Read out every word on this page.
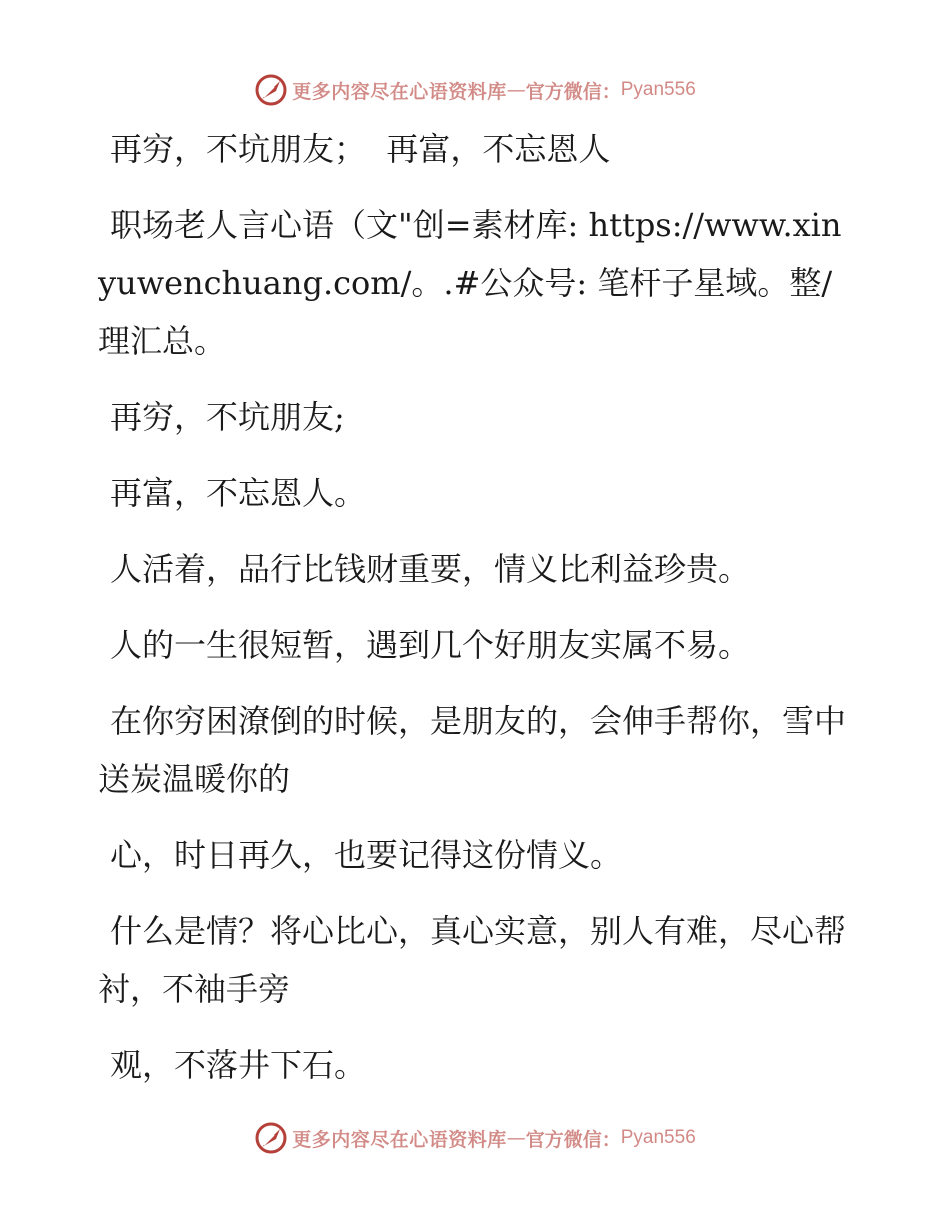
更多内容尽在心语资料库 — 官方微信： Pyan556

再穷，不坑朋友；  再富，不忘恩人

职场老人言心语（文"创=素材库: https://www.xinyuwenchuang.com/。.#公众号: 笔杆子星域。整/理汇总。

再穷，不坑朋友;

再富，不忘恩人。

人活着，品行比钱财重要，情义比利益珍贵。

人的一生很短暂，遇到几个好朋友实属不易。

在你穷困潦倒的时候，是朋友的，会伸手帮你，雪中送炭温暖你的

心，时日再久，也要记得这份情义。

什么是情？将心比心，真心实意，别人有难，尽心帮衬，不袖手旁

观，不落井下石。

更多内容尽在心语资料库 — 官方微信： Pyan556
